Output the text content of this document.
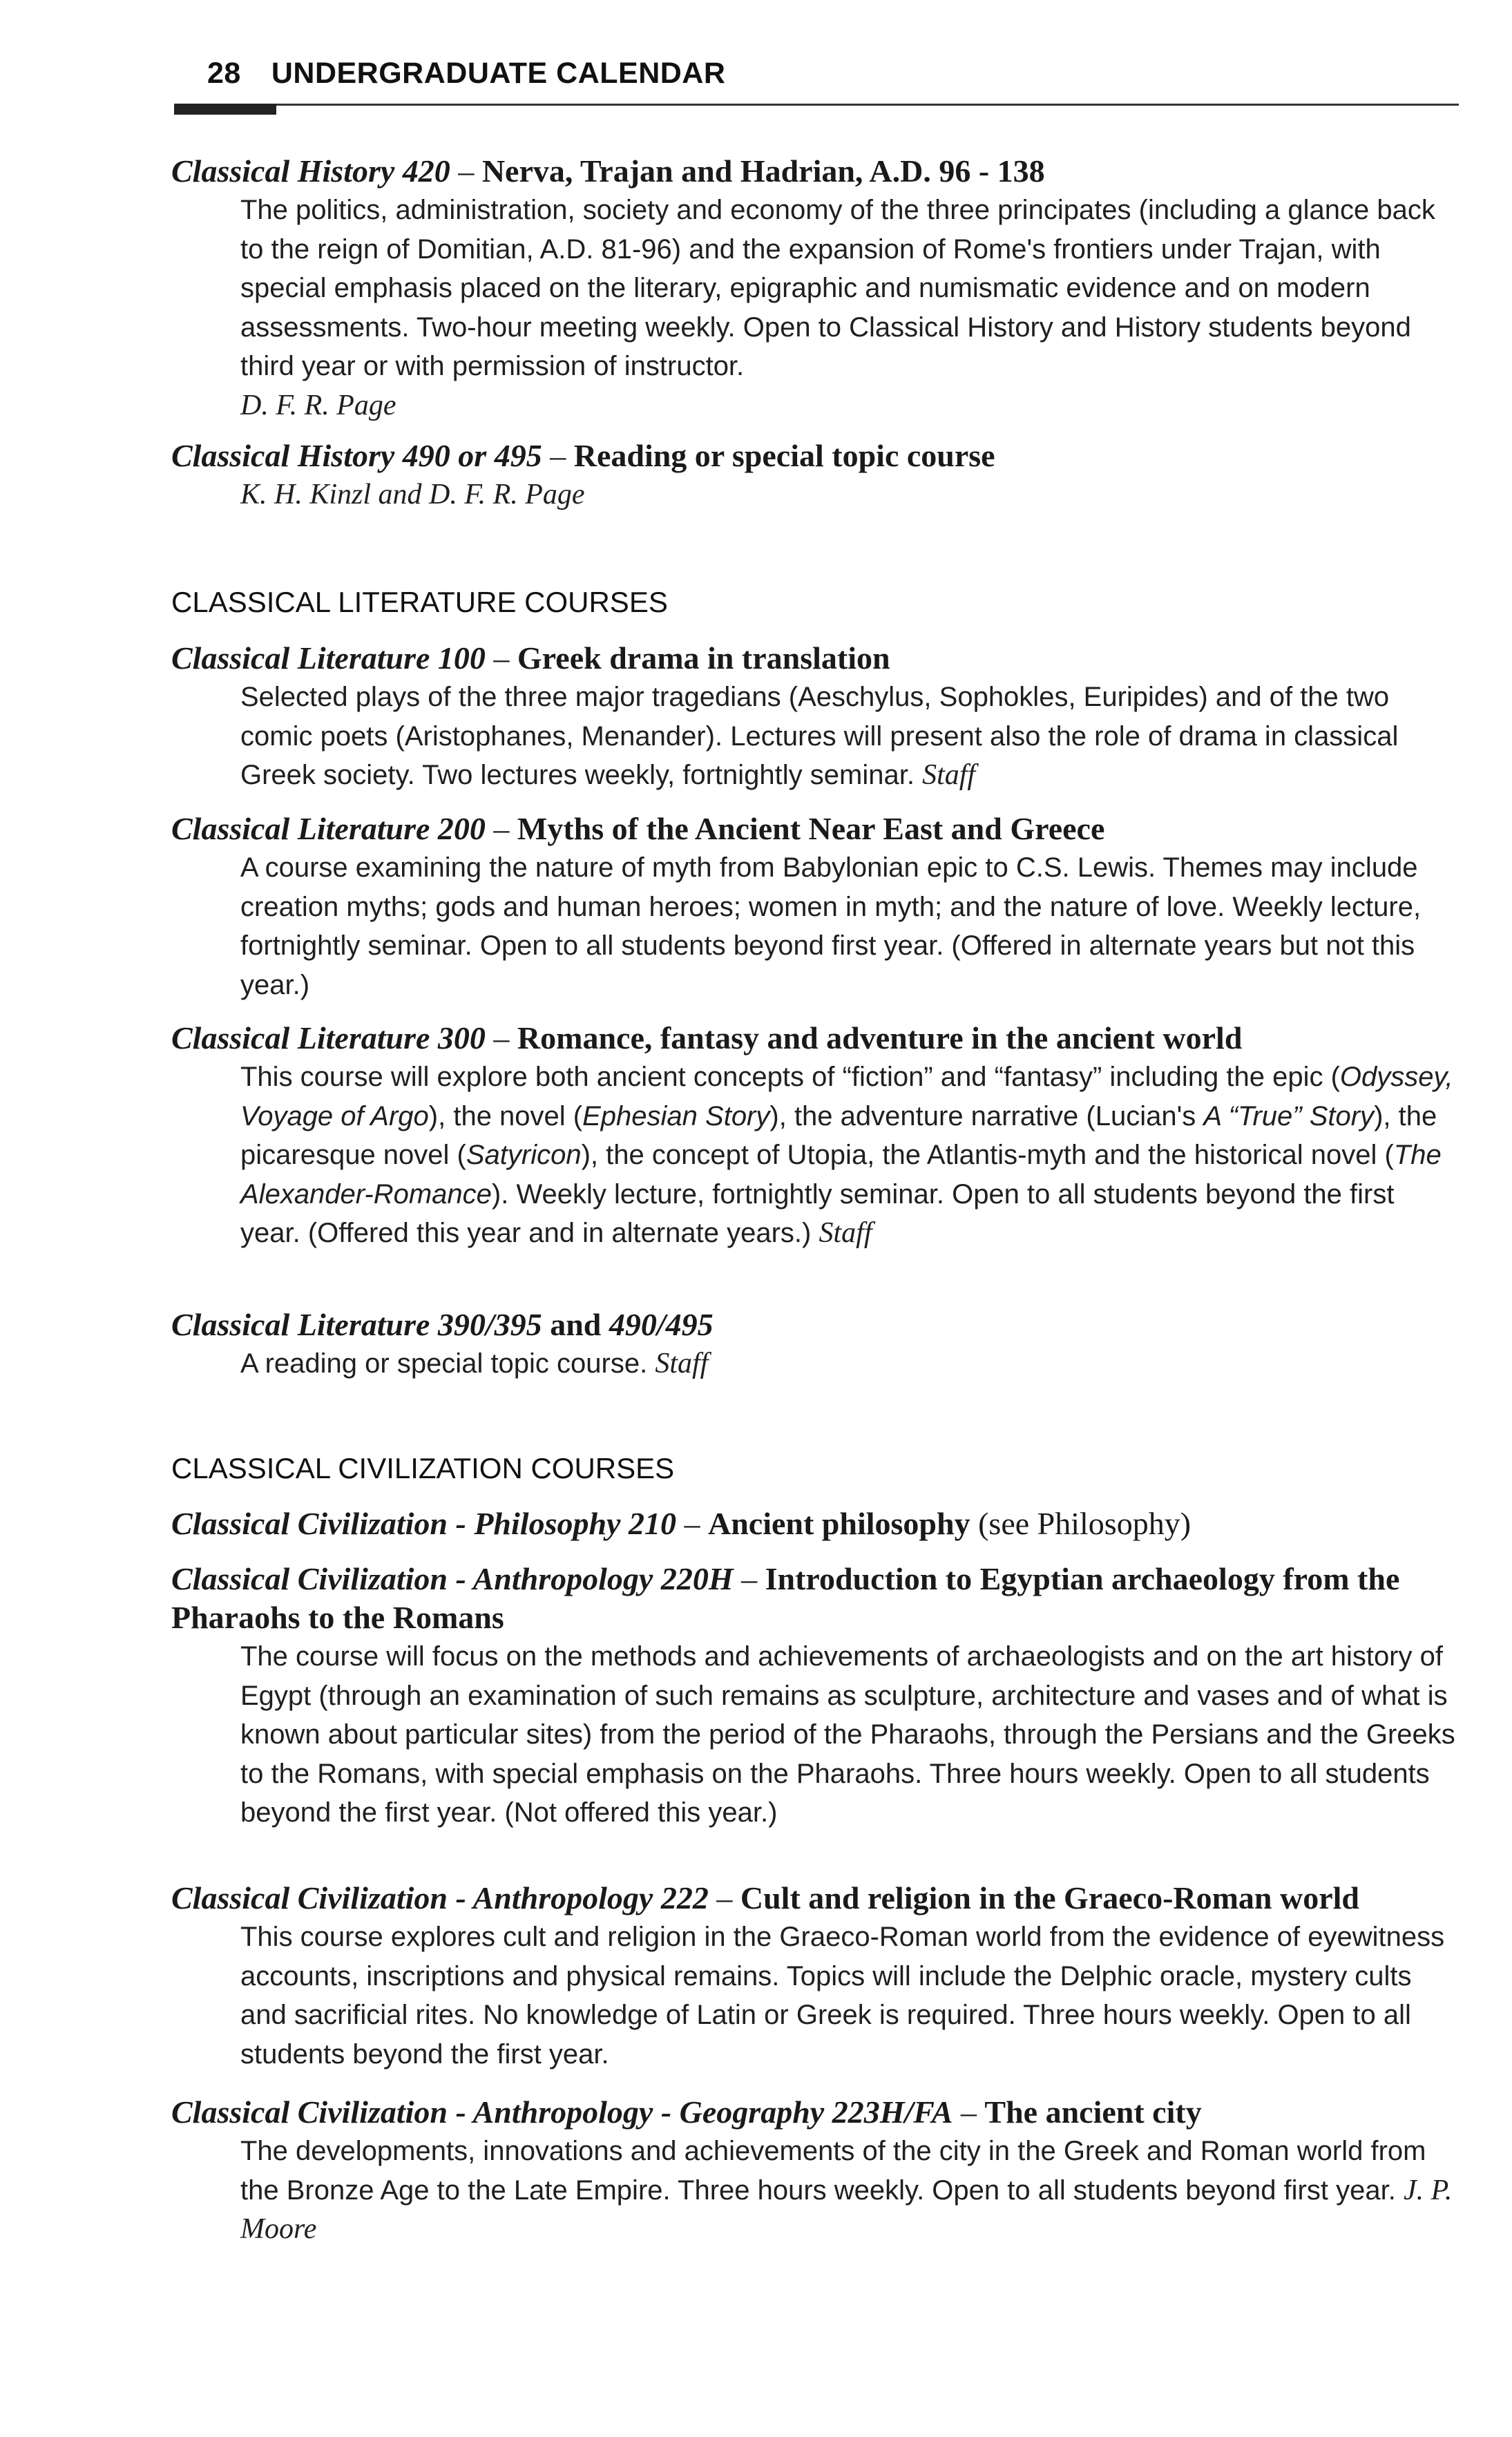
28 UNDERGRADUATE CALENDAR
Classical History 420 – Nerva, Trajan and Hadrian, A.D. 96 - 138
The politics, administration, society and economy of the three principates (including a glance back to the reign of Domitian, A.D. 81-96) and the expansion of Rome's frontiers under Trajan, with special emphasis placed on the literary, epigraphic and numismatic evidence and on modern assessments. Two-hour meeting weekly. Open to Classical History and History students beyond third year or with permission of instructor.
D. F. R. Page
Classical History 490 or 495 – Reading or special topic course
K. H. Kinzl and D. F. R. Page
CLASSICAL LITERATURE COURSES
Classical Literature 100 – Greek drama in translation
Selected plays of the three major tragedians (Aeschylus, Sophokles, Euripides) and of the two comic poets (Aristophanes, Menander). Lectures will present also the role of drama in classical Greek society. Two lectures weekly, fortnightly seminar. Staff
Classical Literature 200 – Myths of the Ancient Near East and Greece
A course examining the nature of myth from Babylonian epic to C.S. Lewis. Themes may include creation myths; gods and human heroes; women in myth; and the nature of love. Weekly lecture, fortnightly seminar. Open to all students beyond first year. (Offered in alternate years but not this year.)
Classical Literature 300 – Romance, fantasy and adventure in the ancient world
This course will explore both ancient concepts of “fiction” and “fantasy” including the epic (Odyssey, Voyage of Argo), the novel (Ephesian Story), the adventure narrative (Lucian's A “True” Story), the picaresque novel (Satyricon), the concept of Utopia, the Atlantis-myth and the historical novel (The Alexander-Romance). Weekly lecture, fortnightly seminar. Open to all students beyond the first year. (Offered this year and in alternate years.) Staff
Classical Literature 390/395 and 490/495
A reading or special topic course. Staff
CLASSICAL CIVILIZATION COURSES
Classical Civilization - Philosophy 210 – Ancient philosophy (see Philosophy)
Classical Civilization - Anthropology 220H – Introduction to Egyptian archaeology from the Pharaohs to the Romans
The course will focus on the methods and achievements of archaeologists and on the art history of Egypt (through an examination of such remains as sculpture, architecture and vases and of what is known about particular sites) from the period of the Pharaohs, through the Persians and the Greeks to the Romans, with special emphasis on the Pharaohs. Three hours weekly. Open to all students beyond the first year. (Not offered this year.)
Classical Civilization - Anthropology 222 – Cult and religion in the Graeco-Roman world
This course explores cult and religion in the Graeco-Roman world from the evidence of eyewitness accounts, inscriptions and physical remains. Topics will include the Delphic oracle, mystery cults and sacrificial rites. No knowledge of Latin or Greek is required. Three hours weekly. Open to all students beyond the first year.
Classical Civilization - Anthropology - Geography 223H/FA – The ancient city
The developments, innovations and achievements of the city in the Greek and Roman world from the Bronze Age to the Late Empire. Three hours weekly. Open to all students beyond first year. J. P. Moore
